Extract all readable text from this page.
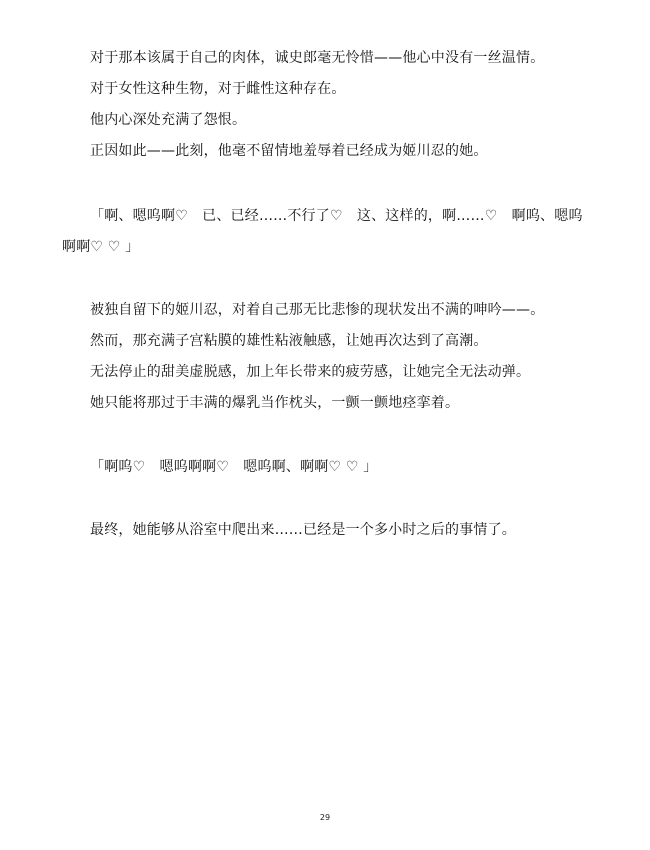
对于那本该属于自己的肉体，诚史郎毫无怜惜——他心中没有一丝温情。

对于女性这种生物，对于雌性这种存在。

他内心深处充满了怨恨。

正因如此——此刻，他毫不留情地羞辱着已经成为姬川忍的她。

「啊、嗯呜啊♡　已、已经……不行了♡　这、这样的，啊……♡　啊呜、嗯呜啊啊♡ ♡ 」

被独自留下的姬川忍，对着自己那无比悲惨的现状发出不满的呻吟——。

然而，那充满子宫粘膜的雄性粘液触感，让她再次达到了高潮。

无法停止的甜美虚脱感，加上年长带来的疲劳感，让她完全无法动弹。

她只能将那过于丰满的爆乳当作枕头，一颤一颤地痉挛着。

「啊呜♡　嗯呜啊啊♡　嗯呜啊、啊啊♡ ♡ 」

最终，她能够从浴室中爬出来……已经是一个多小时之后的事情了。

29
